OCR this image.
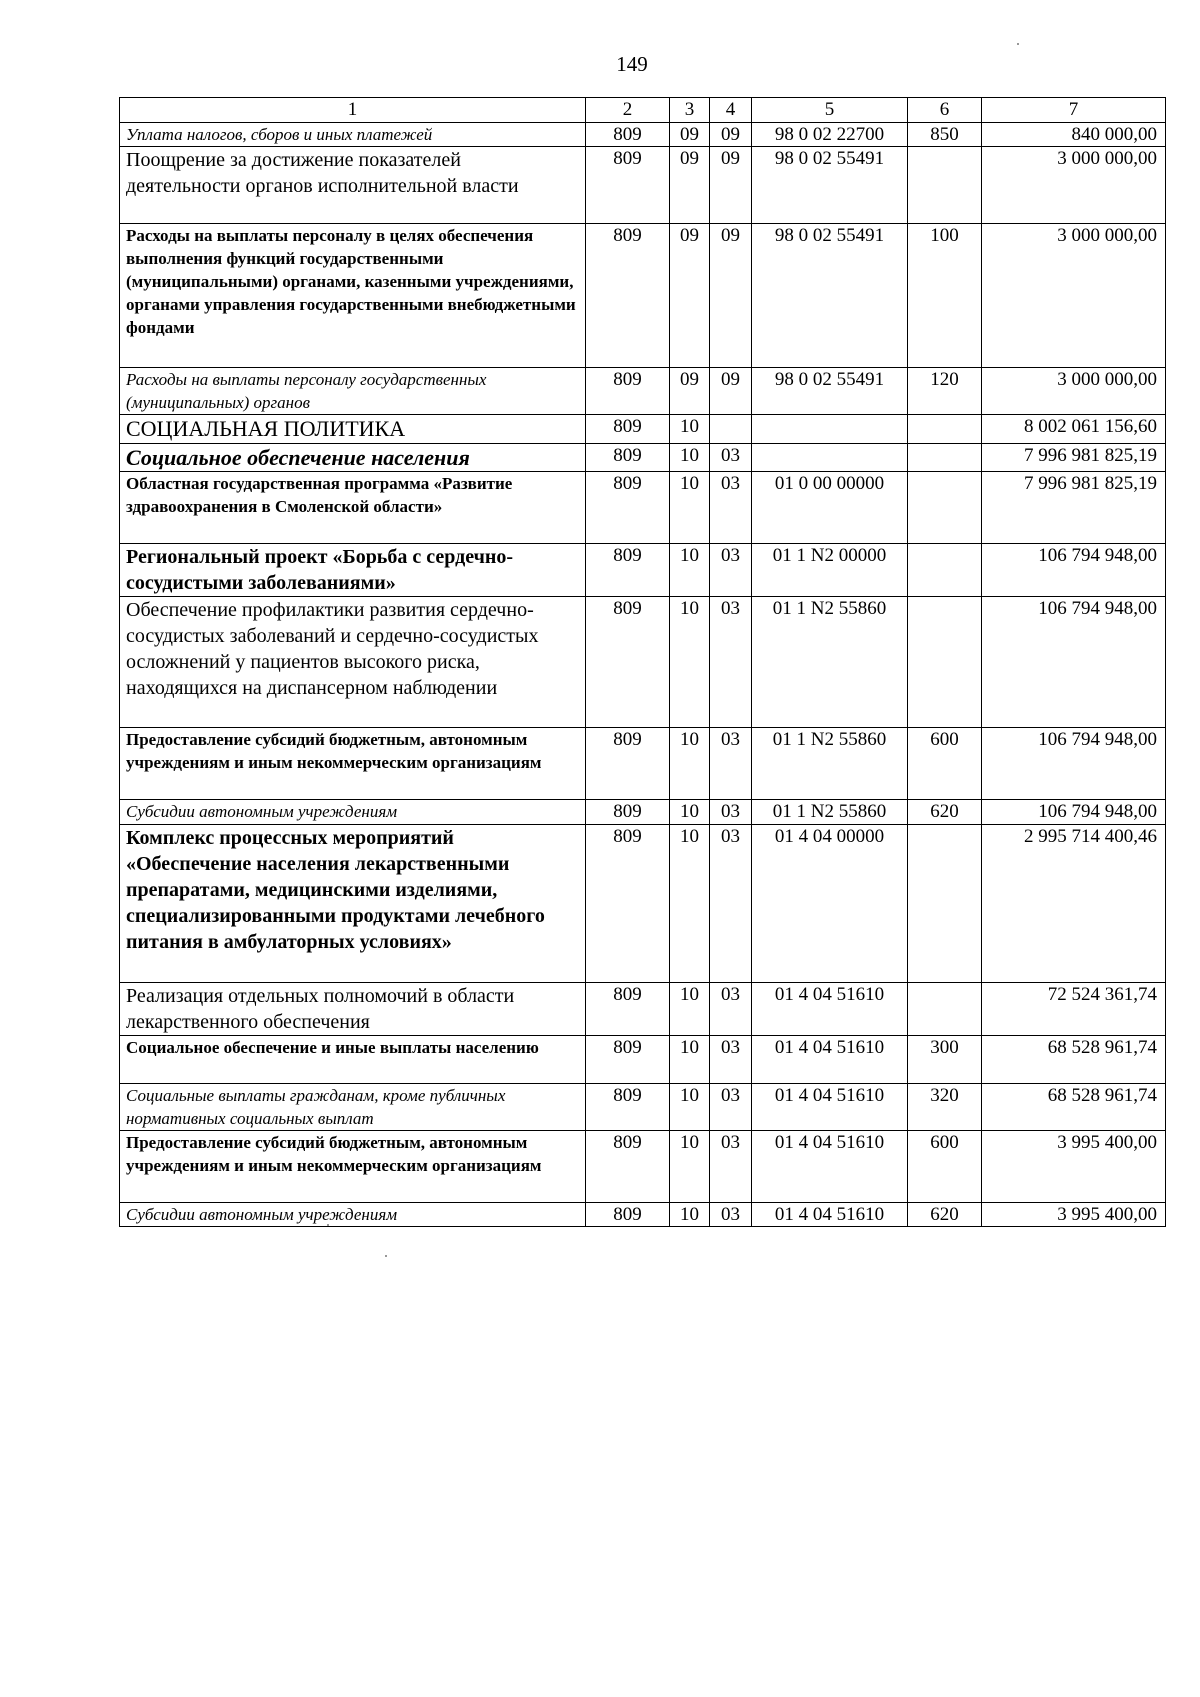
149
1	2	3	4	5	6	7
Уплата налогов, сборов и иных платежей	809	09	09	98 0 02 22700	850	840 000,00
Поощрение за достижение показателей деятельности органов исполнительной власти	809	09	09	98 0 02 55491		3 000 000,00
Расходы на выплаты персоналу в целях обеспечения выполнения функций государственными (муниципальными) органами, казенными учреждениями, органами управления государственными внебюджетными фондами	809	09	09	98 0 02 55491	100	3 000 000,00
Расходы на выплаты персоналу государственных (муниципальных) органов	809	09	09	98 0 02 55491	120	3 000 000,00
СОЦИАЛЬНАЯ ПОЛИТИКА	809	10				8 002 061 156,60
Социальное обеспечение населения	809	10	03			7 996 981 825,19
Областная государственная программа «Развитие здравоохранения в Смоленской области»	809	10	03	01 0 00 00000		7 996 981 825,19
Региональный проект «Борьба с сердечно-сосудистыми заболеваниями»	809	10	03	01 1 N2 00000		106 794 948,00
Обеспечение профилактики развития сердечно-сосудистых заболеваний и сердечно-сосудистых осложнений у пациентов высокого риска, находящихся на диспансерном наблюдении	809	10	03	01 1 N2 55860		106 794 948,00
Предоставление субсидий бюджетным, автономным учреждениям и иным некоммерческим организациям	809	10	03	01 1 N2 55860	600	106 794 948,00
Субсидии автономным учреждениям	809	10	03	01 1 N2 55860	620	106 794 948,00
Комплекс процессных мероприятий «Обеспечение населения лекарственными препаратами, медицинскими изделиями, специализированными продуктами лечебного питания в амбулаторных условиях»	809	10	03	01 4 04 00000		2 995 714 400,46
Реализация отдельных полномочий в области лекарственного обеспечения	809	10	03	01 4 04 51610		72 524 361,74
Социальное обеспечение и иные выплаты населению	809	10	03	01 4 04 51610	300	68 528 961,74
Социальные выплаты гражданам, кроме публичных нормативных социальных выплат	809	10	03	01 4 04 51610	320	68 528 961,74
Предоставление субсидий бюджетным, автономным учреждениям и иным некоммерческим организациям	809	10	03	01 4 04 51610	600	3 995 400,00
Субсидии автономным учреждениям	809	10	03	01 4 04 51610	620	3 995 400,00
